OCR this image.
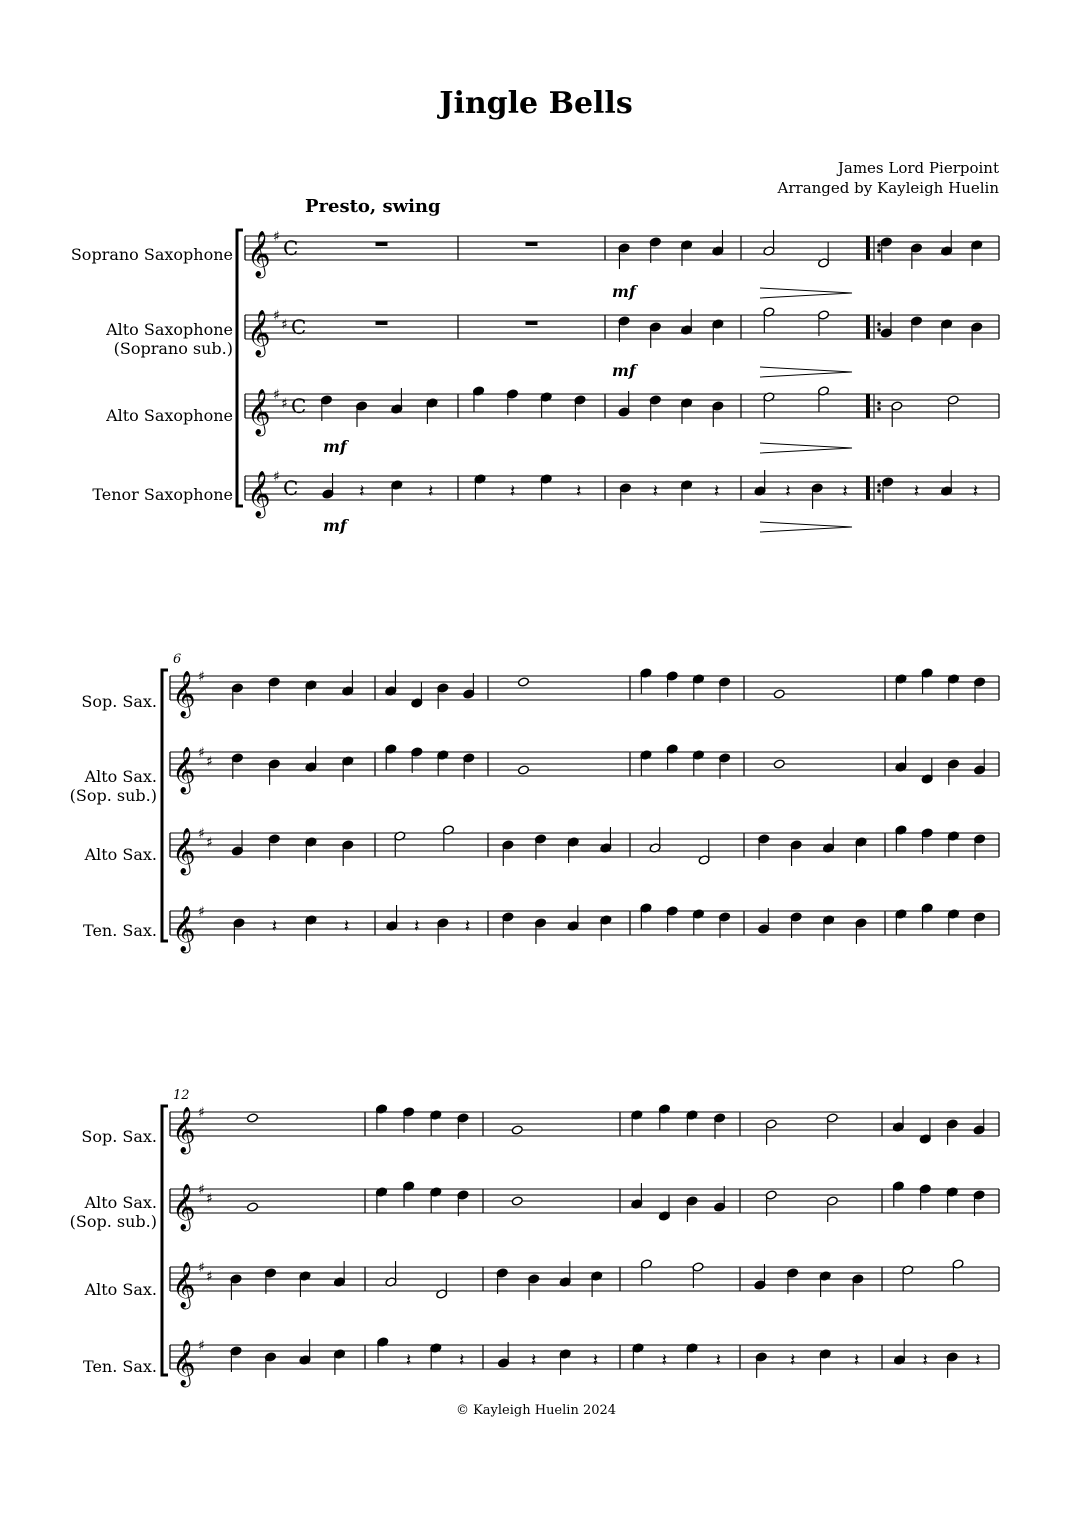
Jingle Bells
James Lord Pierpoint
Arranged by Kayleigh Huelin
Presto, swing
Soprano Saxophone
Alto Saxophone
(Soprano sub.)
Alto Saxophone
Tenor Saxophone
Sop. Sax.
Alto Sax.
(Sop. sub.)
Alto Sax.
Ten. Sax.
Sop. Sax.
Alto Sax.
(Sop. sub.)
Alto Sax.
Ten. Sax.
6
12
𝄞 ♯ C
𝄞 ♯
♯ C
𝄞 ♯
♯ C
𝄞 ♯ C	𝄽	𝄽	𝄽	𝄽	𝄽	𝄽	𝄽	𝄽	𝄽	𝄽
mf
mf
mf
mf
𝄞 ♯
𝄞 ♯
♯
𝄞 ♯
♯
𝄞 ♯
𝄽	𝄽	𝄽	𝄽
𝄞 ♯
𝄞 ♯
♯
𝄞 ♯
♯
𝄞 ♯
𝄽	𝄽	𝄽	𝄽	𝄽	𝄽	𝄽	𝄽	𝄽	𝄽
© Kayleigh Huelin 2024
